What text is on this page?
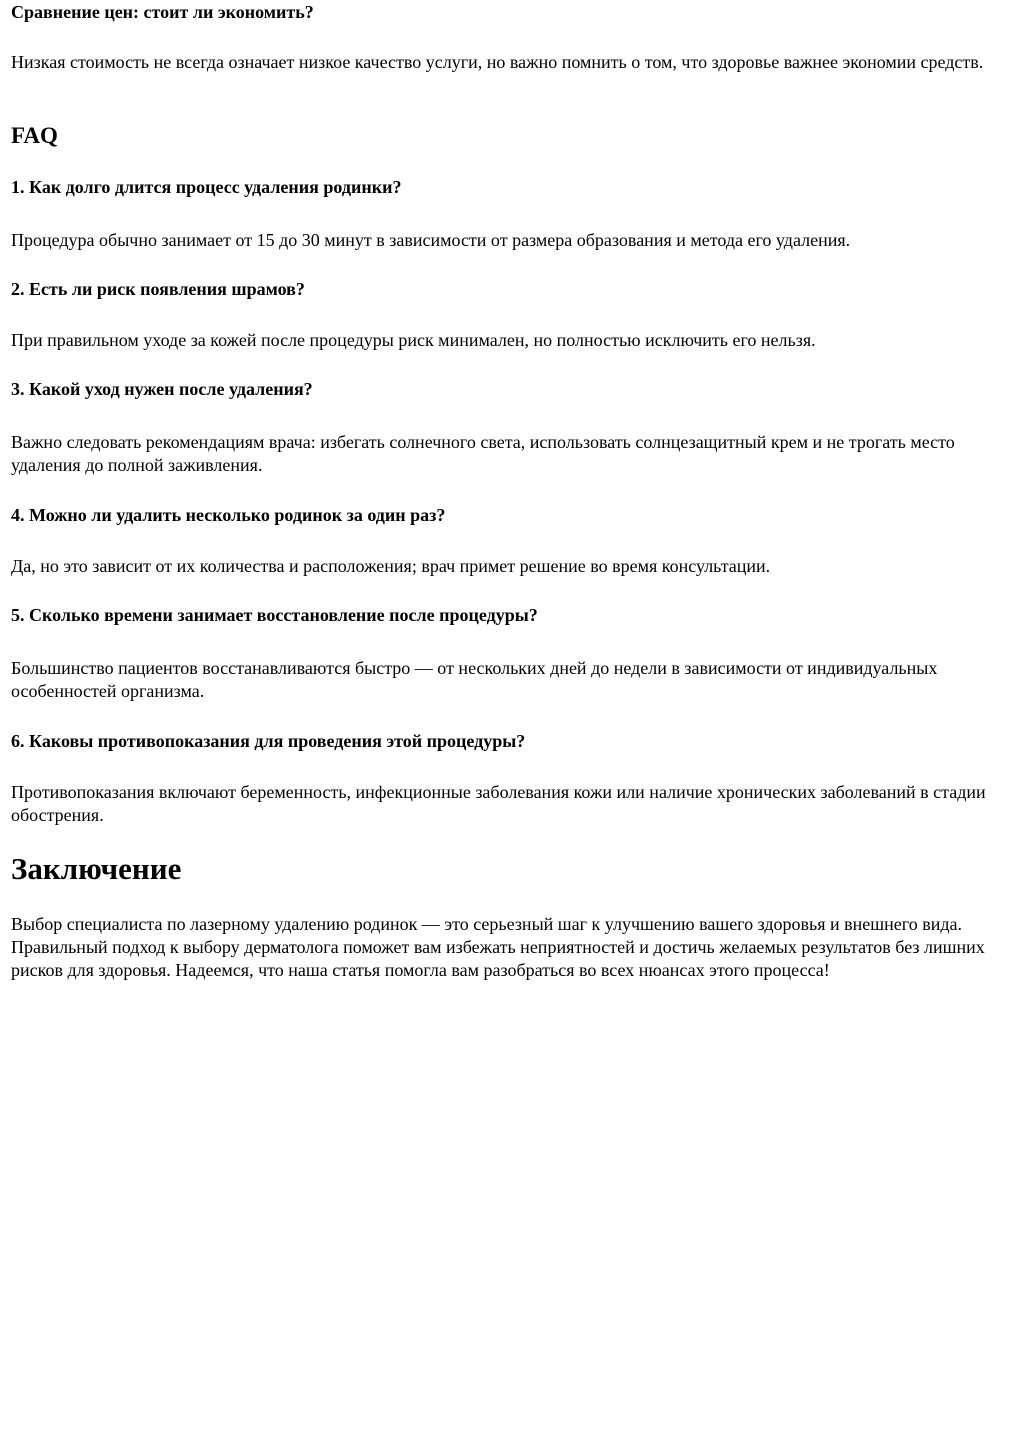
Сравнение цен: стоит ли экономить?

Низкая стоимость не всегда означает низкое качество услуги, но важно помнить о том, что здоровье важнее экономии средств.

FAQ
1. Как долго длится процесс удаления родинки?

Процедура обычно занимает от 15 до 30 минут в зависимости от размера образования и метода его удаления.

2. Есть ли риск появления шрамов?

При правильном уходе за кожей после процедуры риск минимален, но полностью исключить его нельзя.

3. Какой уход нужен после удаления?

Важно следовать рекомендациям врача: избегать солнечного света, использовать солнцезащитный крем и не трогать место удаления до полной заживления.

4. Можно ли удалить несколько родинок за один раз?

Да, но это зависит от их количества и расположения; врач примет решение во время консультации.

5. Сколько времени занимает восстановление после процедуры?

Большинство пациентов восстанавливаются быстро — от нескольких дней до недели в зависимости от индивидуальных особенностей организма.

6. Каковы противопоказания для проведения этой процедуры?

Противопоказания включают беременность, инфекционные заболевания кожи или наличие хронических заболеваний в стадии обострения.

Заключение

Выбор специалиста по лазерному удалению родинок — это серьезный шаг к улучшению вашего здоровья и внешнего вида. Правильный подход к выбору дерматолога поможет вам избежать неприятностей и достичь желаемых результатов без лишних рисков для здоровья. Надеемся, что наша статья помогла вам разобраться во всех нюансах этого процесса!
